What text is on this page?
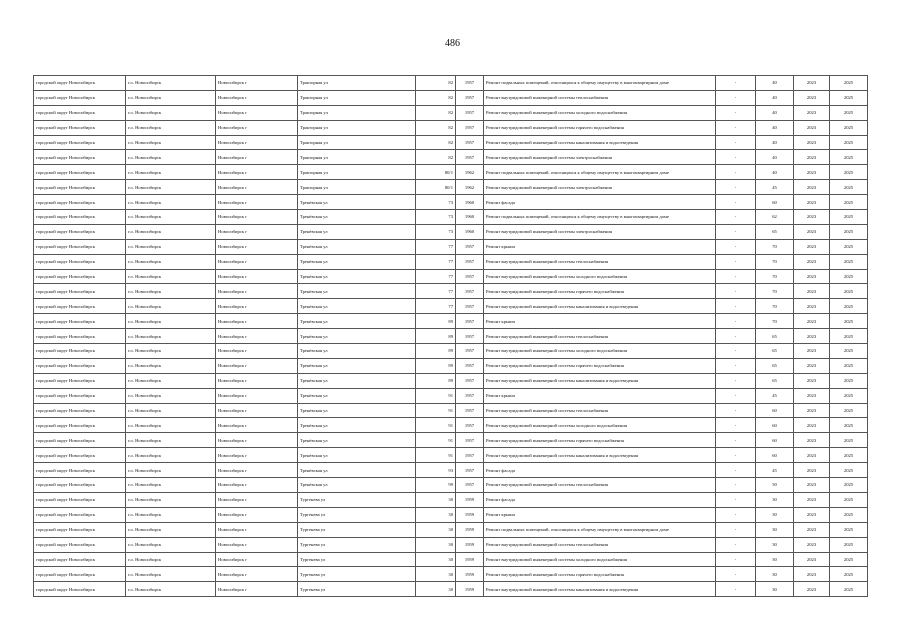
486
городской округ Новосибирск	г.о. Новосибирск	Новосибирск г	Тракторная ул	82	1957	Ремонт подвальных помещений, относящихся к общему имуществу в многоквартирном доме	-	40	2023	2025
городской округ Новосибирск	г.о. Новосибирск	Новосибирск г	Тракторная ул	82	1957	Ремонт внутридомовой инженерной системы теплоснабжения	-	40	2023	2025
городской округ Новосибирск	г.о. Новосибирск	Новосибирск г	Тракторная ул	82	1957	Ремонт внутридомовой инженерной системы холодного водоснабжения	-	40	2023	2025
городской округ Новосибирск	г.о. Новосибирск	Новосибирск г	Тракторная ул	82	1957	Ремонт внутридомовой инженерной системы горячего водоснабжения	-	40	2023	2025
городской округ Новосибирск	г.о. Новосибирск	Новосибирск г	Тракторная ул	82	1957	Ремонт внутридомовой инженерной системы канализования и водоотведения	-	40	2023	2025
городской округ Новосибирск	г.о. Новосибирск	Новосибирск г	Тракторная ул	82	1957	Ремонт внутридомовой инженерной системы электроснабжения	-	40	2023	2025
городской округ Новосибирск	г.о. Новосибирск	Новосибирск г	Тракторная ул	80/1	1962	Ремонт подвальных помещений, относящихся к общему имуществу в многоквартирном доме	-	40	2023	2025
городской округ Новосибирск	г.о. Новосибирск	Новосибирск г	Тракторная ул	80/1	1962	Ремонт внутридомовой инженерной системы электроснабжения	-	45	2023	2025
городской округ Новосибирск	г.о. Новосибирск	Новосибирск г	Тренёвская ул	73	1960	Ремонт фасада	-	60	2023	2025
городской округ Новосибирск	г.о. Новосибирск	Новосибирск г	Тренёвская ул	73	1960	Ремонт подвальных помещений, относящихся к общему имуществу в многоквартирном доме	-	62	2023	2025
городской округ Новосибирск	г.о. Новосибирск	Новосибирск г	Тренёвская ул	73	1960	Ремонт внутридомовой инженерной системы электроснабжения	-	65	2023	2025
городской округ Новосибирск	г.о. Новосибирск	Новосибирск г	Тренёвская ул	77	1957	Ремонт крыши	-	70	2023	2025
городской округ Новосибирск	г.о. Новосибирск	Новосибирск г	Тренёвская ул	77	1957	Ремонт внутридомовой инженерной системы теплоснабжения	-	70	2023	2025
городской округ Новосибирск	г.о. Новосибирск	Новосибирск г	Тренёвская ул	77	1957	Ремонт внутридомовой инженерной системы холодного водоснабжения	-	70	2023	2025
городской округ Новосибирск	г.о. Новосибирск	Новосибирск г	Тренёвская ул	77	1957	Ремонт внутридомовой инженерной системы горячего водоснабжения	-	70	2023	2025
городской округ Новосибирск	г.о. Новосибирск	Новосибирск г	Тренёвская ул	77	1957	Ремонт внутридомовой инженерной системы канализования и водоотведения	-	70	2023	2025
городской округ Новосибирск	г.о. Новосибирск	Новосибирск г	Тренёвская ул	89	1957	Ремонт крыши	-	70	2023	2025
городской округ Новосибирск	г.о. Новосибирск	Новосибирск г	Тренёвская ул	89	1957	Ремонт внутридомовой инженерной системы теплоснабжения	-	65	2023	2025
городской округ Новосибирск	г.о. Новосибирск	Новосибирск г	Тренёвская ул	89	1957	Ремонт внутридомовой инженерной системы холодного водоснабжения	-	65	2023	2025
городской округ Новосибирск	г.о. Новосибирск	Новосибирск г	Тренёвская ул	89	1957	Ремонт внутридомовой инженерной системы горячего водоснабжения	-	65	2023	2025
городской округ Новосибирск	г.о. Новосибирск	Новосибирск г	Тренёвская ул	89	1957	Ремонт внутридомовой инженерной системы канализования и водоотведения	-	65	2023	2025
городской округ Новосибирск	г.о. Новосибирск	Новосибирск г	Тренёвская ул	91	1957	Ремонт крыши	-	45	2023	2025
городской округ Новосибирск	г.о. Новосибирск	Новосибирск г	Тренёвская ул	91	1957	Ремонт внутридомовой инженерной системы теплоснабжения	-	60	2023	2025
городской округ Новосибирск	г.о. Новосибирск	Новосибирск г	Тренёвская ул	91	1957	Ремонт внутридомовой инженерной системы холодного водоснабжения	-	60	2023	2025
городской округ Новосибирск	г.о. Новосибирск	Новосибирск г	Тренёвская ул	91	1957	Ремонт внутридомовой инженерной системы горячего водоснабжения	-	60	2023	2025
городской округ Новосибирск	г.о. Новосибирск	Новосибирск г	Тренёвская ул	91	1957	Ремонт внутридомовой инженерной системы канализования и водоотведения	-	60	2023	2025
городской округ Новосибирск	г.о. Новосибирск	Новосибирск г	Тренёвская ул	93	1957	Ремонт фасада	-	45	2023	2025
городской округ Новосибирск	г.о. Новосибирск	Новосибирск г	Тренёвская ул	99	1957	Ремонт внутридомовой инженерной системы теплоснабжения	-	50	2023	2025
городской округ Новосибирск	г.о. Новосибирск	Новосибирск г	Тургенева ул	30	1959	Ремонт фасада	-	30	2023	2025
городской округ Новосибирск	г.о. Новосибирск	Новосибирск г	Тургенева ул	30	1959	Ремонт крыши	-	30	2023	2025
городской округ Новосибирск	г.о. Новосибирск	Новосибирск г	Тургенева ул	30	1959	Ремонт подвальных помещений, относящихся к общему имуществу в многоквартирном доме	-	30	2023	2025
городской округ Новосибирск	г.о. Новосибирск	Новосибирск г	Тургенева ул	30	1959	Ремонт внутридомовой инженерной системы теплоснабжения	-	30	2023	2025
городской округ Новосибирск	г.о. Новосибирск	Новосибирск г	Тургенева ул	30	1959	Ремонт внутридомовой инженерной системы холодного водоснабжения	-	30	2023	2025
городской округ Новосибирск	г.о. Новосибирск	Новосибирск г	Тургенева ул	30	1959	Ремонт внутридомовой инженерной системы горячего водоснабжения	-	30	2023	2025
городской округ Новосибирск	г.о. Новосибирск	Новосибирск г	Тургенева ул	30	1959	Ремонт внутридомовой инженерной системы канализования и водоотведения	-	30	2023	2025
